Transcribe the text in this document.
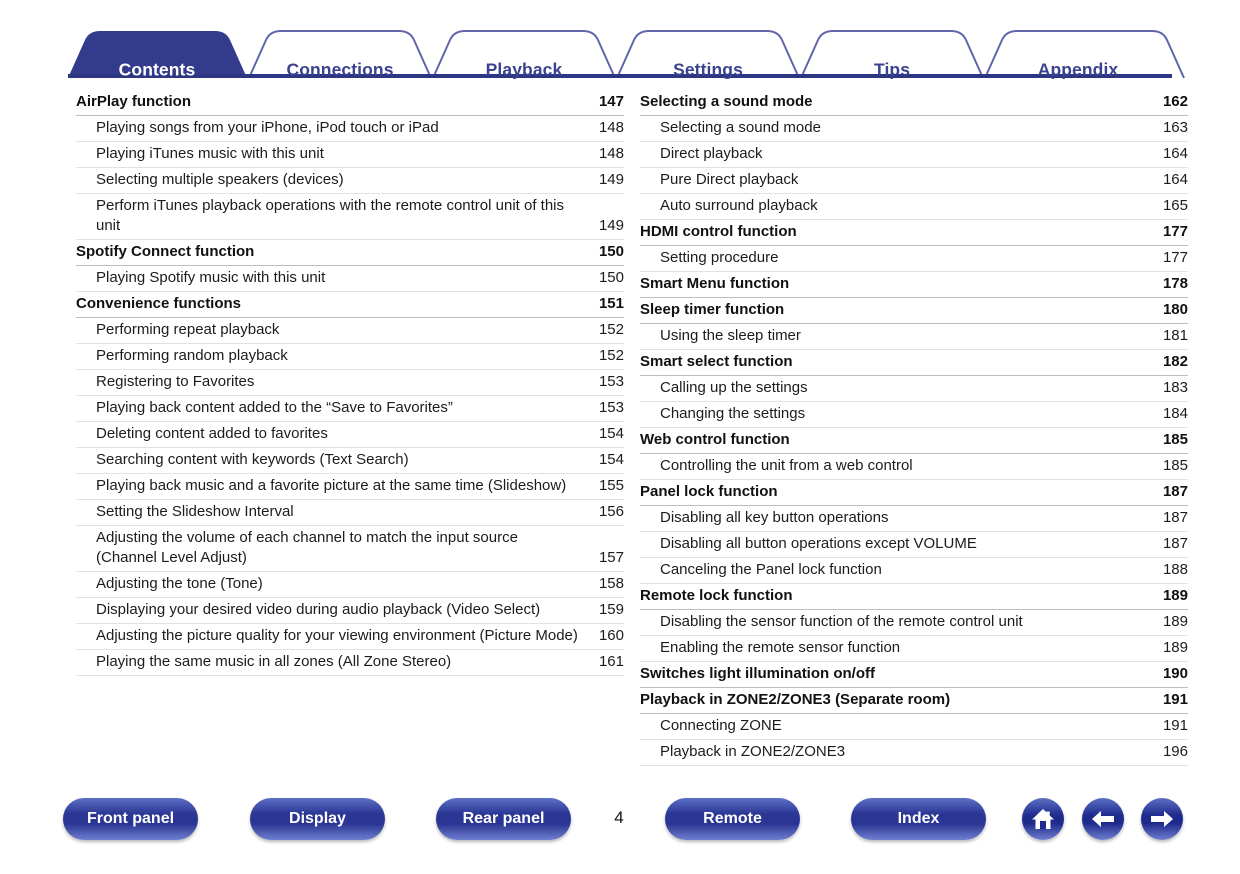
Contents	Connections	Playback	Settings	Tips	Appendix
AirPlay function	147
Playing songs from your iPhone, iPod touch or iPad	148
Playing iTunes music with this unit	148
Selecting multiple speakers (devices)	149
Perform iTunes playback operations with the remote control unit of this unit	149
Spotify Connect function	150
Playing Spotify music with this unit	150
Convenience functions	151
Performing repeat playback	152
Performing random playback	152
Registering to Favorites	153
Playing back content added to the “Save to Favorites”	153
Deleting content added to favorites	154
Searching content with keywords (Text Search)	154
Playing back music and a favorite picture at the same time (Slideshow)	155
Setting the Slideshow Interval	156
Adjusting the volume of each channel to match the input source (Channel Level Adjust)	157
Adjusting the tone (Tone)	158
Displaying your desired video during audio playback (Video Select)	159
Adjusting the picture quality for your viewing environment (Picture Mode)	160
Playing the same music in all zones (All Zone Stereo)	161
Selecting a sound mode	162
Selecting a sound mode	163
Direct playback	164
Pure Direct playback	164
Auto surround playback	165
HDMI control function	177
Setting procedure	177
Smart Menu function	178
Sleep timer function	180
Using the sleep timer	181
Smart select function	182
Calling up the settings	183
Changing the settings	184
Web control function	185
Controlling the unit from a web control	185
Panel lock function	187
Disabling all key button operations	187
Disabling all button operations except VOLUME	187
Canceling the Panel lock function	188
Remote lock function	189
Disabling the sensor function of the remote control unit	189
Enabling the remote sensor function	189
Switches light illumination on/off	190
Playback in ZONE2/ZONE3 (Separate room)	191
Connecting ZONE	191
Playback in ZONE2/ZONE3	196
Front panel	Display	Rear panel	Remote	Index
4
